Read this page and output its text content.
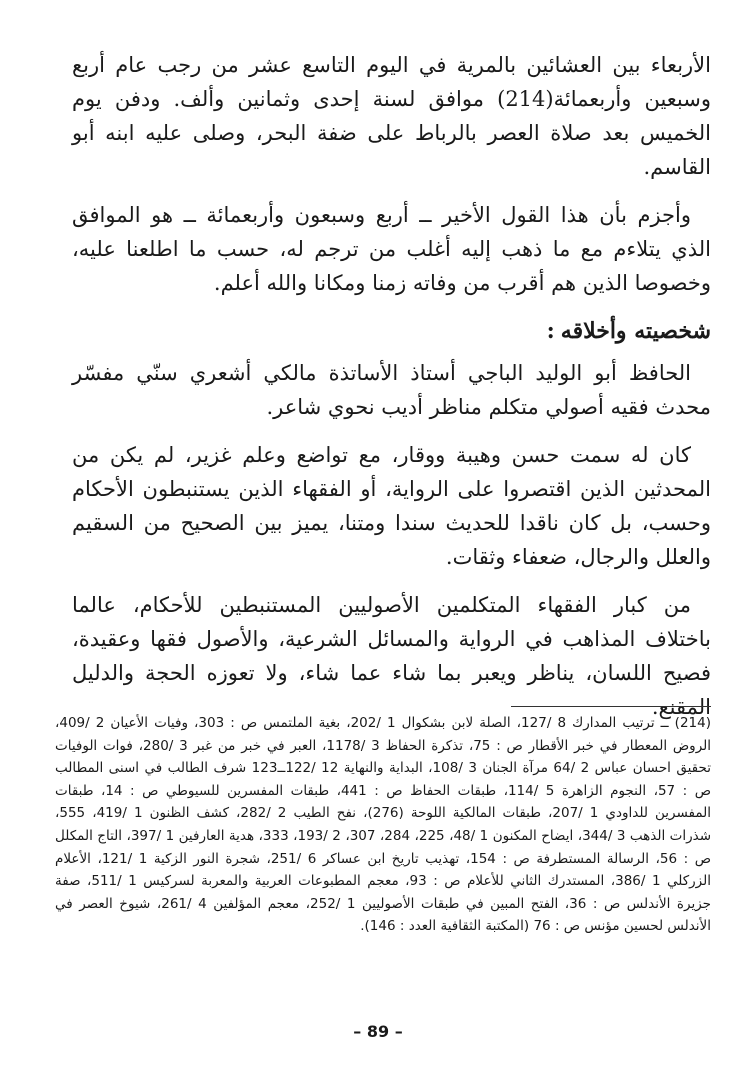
الأربعاء بين العشائين بالمرية في اليوم التاسع عشر من رجب عام أربع وسبعين وأربعمائة(214) موافق لسنة إحدى وثمانين وألف. ودفن يوم الخميس بعد صلاة العصر بالرباط على ضفة البحر، وصلى عليه ابنه أبو القاسم.

وأجزم بأن هذا القول الأخير ــ أربع وسبعون وأربعمائة ــ هو الموافق الذي يتلاءم مع ما ذهب إليه أغلب من ترجم له، حسب ما اطلعنا عليه، وخصوصا الذين هم أقرب من وفاته زمنا ومكانا والله أعلم.

شخصيته وأخلاقه:

الحافظ أبو الوليد الباجي أستاذ الأساتذة مالكي أشعري سنّي مفسّر محدث فقيه أصولي متكلم مناظر أديب نحوي شاعر.

كان له سمت حسن وهيبة ووقار، مع تواضع وعلم غزير، لم يكن من المحدثين الذين اقتصروا على الرواية، أو الفقهاء الذين يستنبطون الأحكام وحسب، بل كان ناقدا للحديث سندا ومتنا، يميز بين الصحيح من السقيم والعلل والرجال، ضعفاء وثقات.

من كبار الفقهاء المتكلمين الأصوليين المستنبطين للأحكام، عالما باختلاف المذاهب في الرواية والمسائل الشرعية، والأصول فقها وعقيدة، فصيح اللسان، يناظر ويعبر بما شاء عما شاء، ولا تعوزه الحجة والدليل المقنع.

(214) ــ ترتيب المدارك 8 /127، الصلة لابن بشكوال 1 /202، بغية الملتمس ص : 303، وفيات الأعيان 2 /409، الروض المعطار في خبر الأقطار ص : 75، تذكرة الحفاظ 3 /1178، العبر في خبر من غبر 3 /280، فوات الوفيات تحقيق احسان عباس 2 /64 مرآة الجنان 3 /108، البداية والنهاية 12 /122ــ123 شرف الطالب في اسنى المطالب ص : 57، النجوم الزاهرة 5 /114، طبقات الحفاظ ص : 441، طبقات المفسرين للسيوطي ص : 14، طبقات المفسرين للداودي 1 /207، طبقات المالكية اللوحة (276)، نفح الطيب 2 /282، كشف الظنون 1 /419، 555، شذرات الذهب 3 /344، ايضاح المكنون 1 /48، 225، 284، 307، 2 /193، 333، هدية العارفين 1 /397، التاج المكلل ص : 56، الرسالة المستطرفة ص : 154، تهذيب تاريخ ابن عساكر 6 /251، شجرة النور الزكية 1 /121، الأعلام الزركلي 1 /386، المستدرك الثاني للأعلام ص : 93، معجم المطبوعات العربية والمعربة لسركيس 1 /511، صفة جزيرة الأندلس ص : 36، الفتح المبين في طبقات الأصوليين 1 /252، معجم المؤلفين 4 /261، شيوخ العصر في الأندلس لحسين مؤنس ص : 76 (المكتبة الثقافية العدد : 146).

– 89 –
